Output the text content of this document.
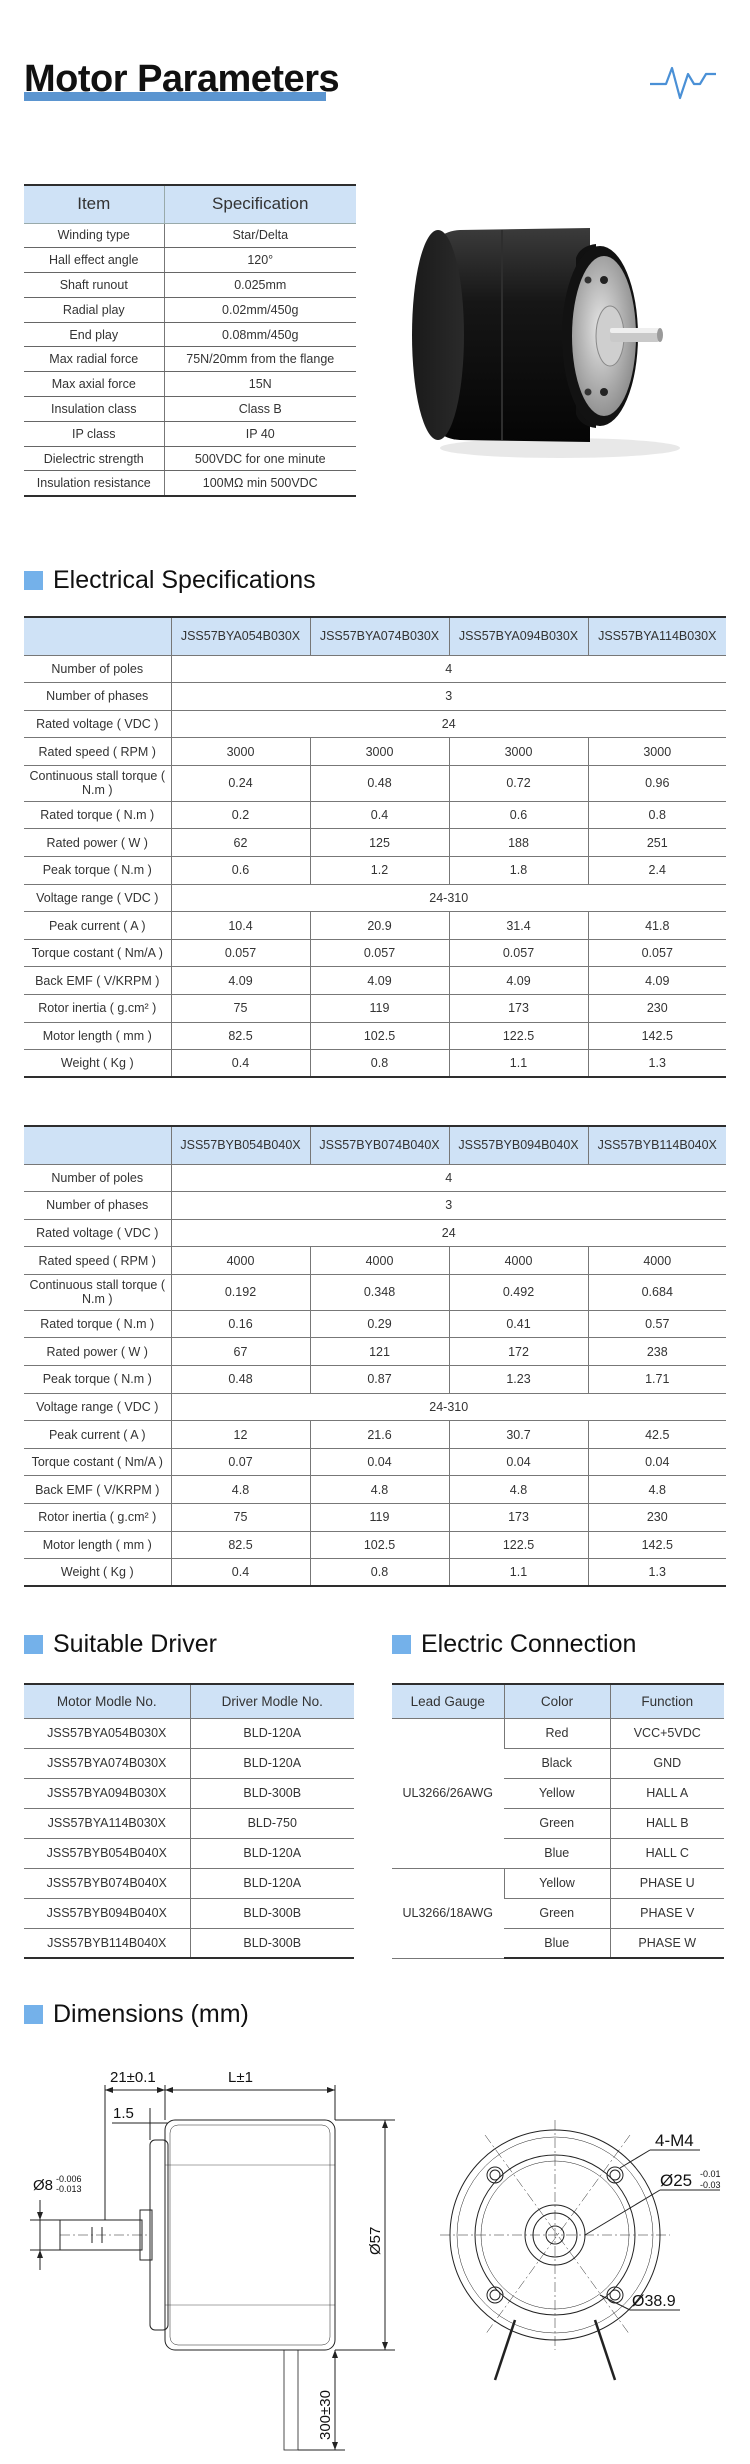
Motor Parameters
Item	Specification
Winding type	Star/Delta
Hall effect angle	120°
Shaft runout	0.025mm
Radial play	0.02mm/450g
End play	0.08mm/450g
Max radial force	75N/20mm from the flange
Max axial force	15N
Insulation class	Class B
IP class	IP 40
Dielectric strength	500VDC for one minute
Insulation resistance	100MΩ min 500VDC
Electrical Specifications
	JSS57BYA054B030X	JSS57BYA074B030X	JSS57BYA094B030X	JSS57BYA114B030X
Number of poles	4			
Number of phases	3			
Rated voltage ( VDC )	24			
Rated speed ( RPM )	3000	3000	3000	3000
Continuous stall torque ( N.m )	0.24	0.48	0.72	0.96
Rated torque ( N.m )	0.2	0.4	0.6	0.8
Rated power ( W )	62	125	188	251
Peak torque ( N.m )	0.6	1.2	1.8	2.4
Voltage range ( VDC )	24-310			
Peak current ( A )	10.4	20.9	31.4	41.8
Torque costant ( Nm/A )	0.057	0.057	0.057	0.057
Back EMF ( V/KRPM )	4.09	4.09	4.09	4.09
Rotor inertia ( g.cm² )	75	119	173	230
Motor length ( mm )	82.5	102.5	122.5	142.5
Weight ( Kg )	0.4	0.8	1.1	1.3
	JSS57BYB054B040X	JSS57BYB074B040X	JSS57BYB094B040X	JSS57BYB114B040X
Number of poles	4			
Number of phases	3			
Rated voltage ( VDC )	24			
Rated speed ( RPM )	4000	4000	4000	4000
Continuous stall torque ( N.m )	0.192	0.348	0.492	0.684
Rated torque ( N.m )	0.16	0.29	0.41	0.57
Rated power ( W )	67	121	172	238
Peak torque ( N.m )	0.48	0.87	1.23	1.71
Voltage range ( VDC )	24-310			
Peak current ( A )	12	21.6	30.7	42.5
Torque costant ( Nm/A )	0.07	0.04	0.04	0.04
Back EMF ( V/KRPM )	4.8	4.8	4.8	4.8
Rotor inertia ( g.cm² )	75	119	173	230
Motor length ( mm )	82.5	102.5	122.5	142.5
Weight ( Kg )	0.4	0.8	1.1	1.3
Suitable Driver	Electric Connection
Motor Modle No.	Driver Modle No.
JSS57BYA054B030X	BLD-120A
JSS57BYA074B030X	BLD-120A
JSS57BYA094B030X	BLD-300B
JSS57BYA114B030X	BLD-750
JSS57BYB054B040X	BLD-120A
JSS57BYB074B040X	BLD-120A
JSS57BYB094B040X	BLD-300B
JSS57BYB114B040X	BLD-300B
Lead Gauge	Color	Function
UL3266/26AWG	Red	VCC+5VDC
	Black	GND
	Yellow	HALL A
	Green	HALL B
	Blue	HALL C
UL3266/18AWG	Yellow	PHASE U
	Green	PHASE V
	Blue	PHASE W
Dimensions (mm)
21±0.1	L±1
1.5
Ø8 -0.006
-0.013
Ø57
300±30
4-M4
Ø25 -0.01
-0.03
Ø38.9
